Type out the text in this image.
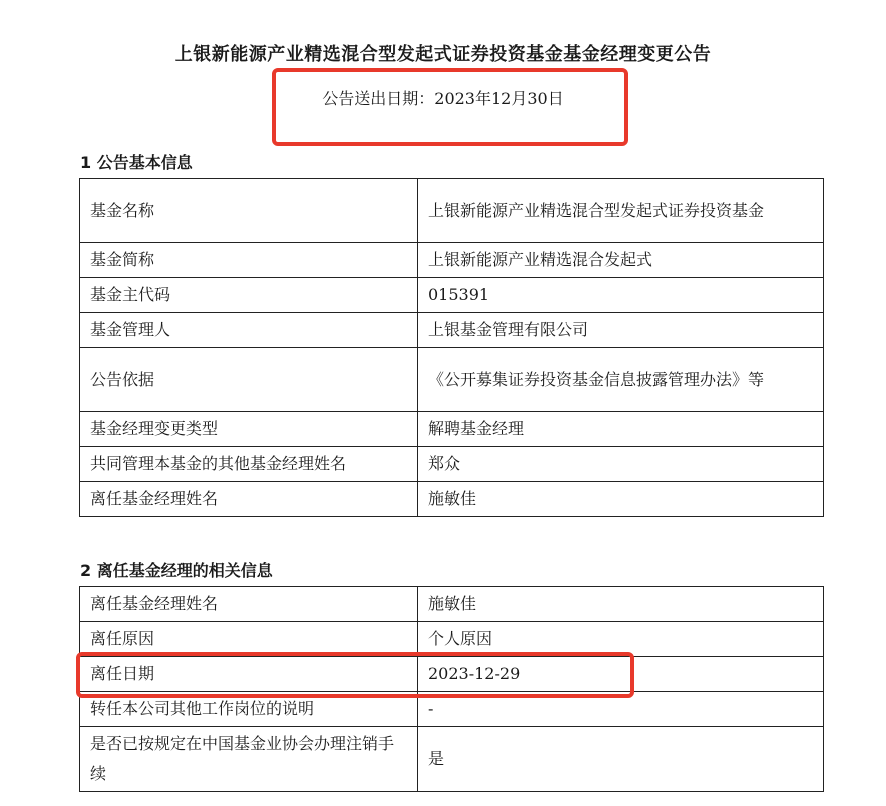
上银新能源产业精选混合型发起式证券投资基金基金经理变更公告
公告送出日期：2023年12月30日
1 公告基本信息
基金名称	上银新能源产业精选混合型发起式证券投资基金
基金简称	上银新能源产业精选混合发起式
基金主代码	015391
基金管理人	上银基金管理有限公司
公告依据	《公开募集证券投资基金信息披露管理办法》等
基金经理变更类型	解聘基金经理
共同管理本基金的其他基金经理姓名	郑众
离任基金经理姓名	施敏佳
2 离任基金经理的相关信息
离任基金经理姓名	施敏佳
离任原因	个人原因
离任日期	2023-12-29
转任本公司其他工作岗位的说明	-
是否已按规定在中国基金业协会办理注销手续	是
